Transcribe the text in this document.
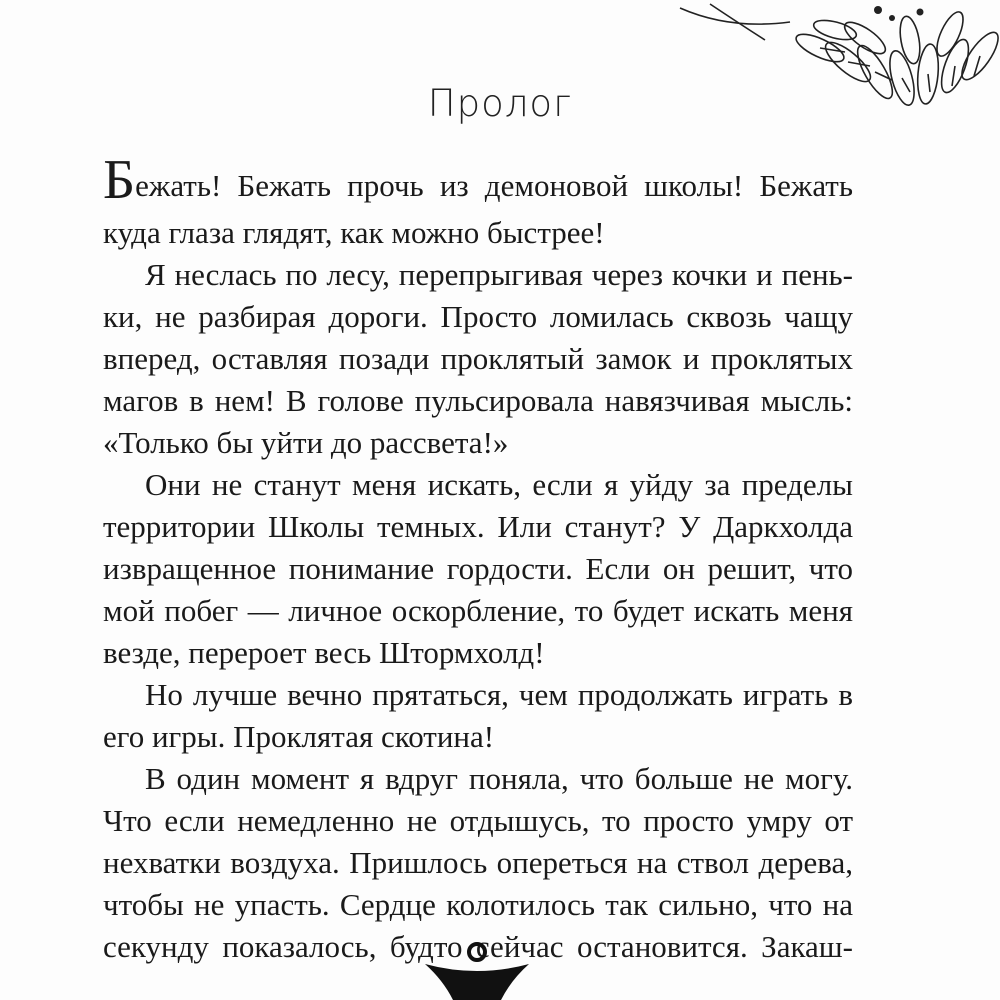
Пролог
Бежать! Бежать прочь из демоновой школы! Бежать
куда глаза глядят, как можно быстрее!
Я неслась по лесу, перепрыгивая через кочки и пень-
ки, не разбирая дороги. Просто ломилась сквозь чащу
вперед, оставляя позади проклятый замок и проклятых
магов в нем! В голове пульсировала навязчивая мысль:
«Только бы уйти до рассвета!»
Они не станут меня искать, если я уйду за пределы
территории Школы темных. Или станут? У Даркхолда
извращенное понимание гордости. Если он решит, что
мой побег — личное оскорбление, то будет искать меня
везде, перероет весь Штормхолд!
Но лучше вечно прятаться, чем продолжать играть в
его игры. Проклятая скотина!
В один момент я вдруг поняла, что больше не могу.
Что если немедленно не отдышусь, то просто умру от
нехватки воздуха. Пришлось опереться на ствол дерева,
чтобы не упасть. Сердце колотилось так сильно, что на
секунду показалось, будто сейчас остановится. Закаш-
